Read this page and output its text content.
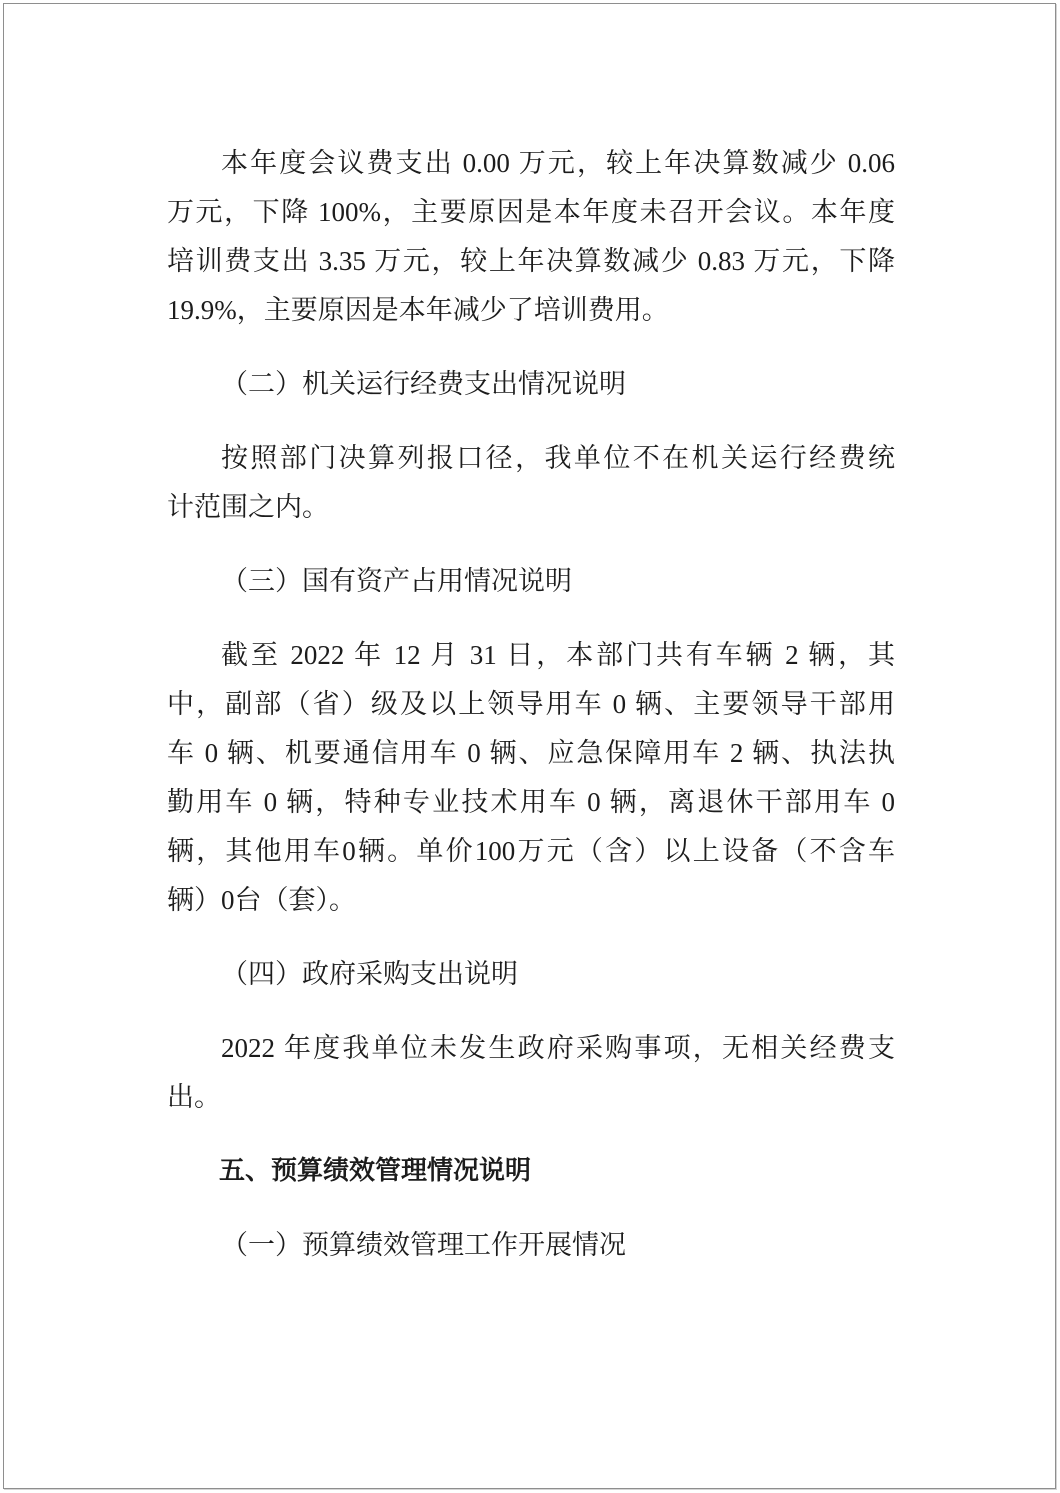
本年度会议费支出 0.00 万元，较上年决算数减少 0.06
万元，下降 100%，主要原因是本年度未召开会议。本年度
培训费支出 3.35 万元，较上年决算数减少 0.83 万元，下降
19.9%，主要原因是本年减少了培训费用。
（二）机关运行经费支出情况说明
按照部门决算列报口径，我单位不在机关运行经费统
计范围之内。
（三）国有资产占用情况说明
截至 2022 年 12 月 31 日，本部门共有车辆 2 辆，其
中，副部（省）级及以上领导用车 0 辆、主要领导干部用
车 0 辆、机要通信用车 0 辆、应急保障用车 2 辆、执法执
勤用车 0 辆，特种专业技术用车 0 辆，离退休干部用车 0
辆，其他用车0辆。单价100万元（含）以上设备（不含车
辆）0台（套）。
（四）政府采购支出说明
2022 年度我单位未发生政府采购事项，无相关经费支
出。
五、预算绩效管理情况说明
（一）预算绩效管理工作开展情况
